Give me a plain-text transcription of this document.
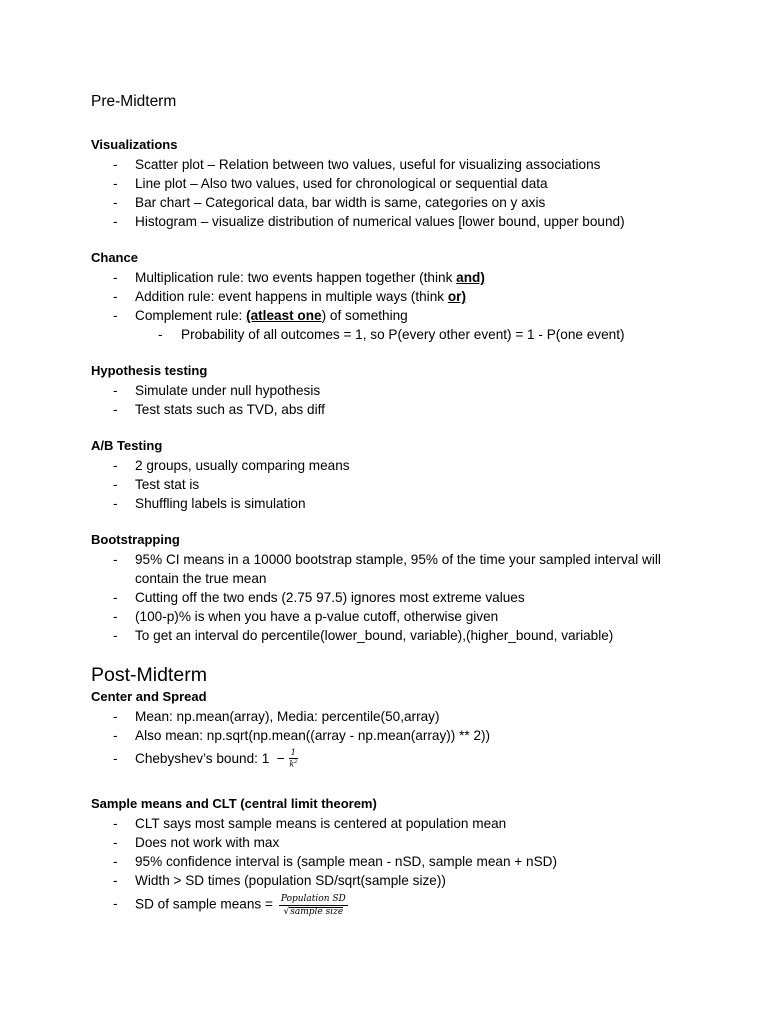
Pre-Midterm
Visualizations
- Scatter plot – Relation between two values, useful for visualizing associations
- Line plot – Also two values, used for chronological or sequential data
- Bar chart – Categorical data, bar width is same, categories on y axis
- Histogram – visualize distribution of numerical values [lower bound, upper bound)
Chance
- Multiplication rule: two events happen together (think and)
- Addition rule: event happens in multiple ways (think or)
- Complement rule: (atleast one) of something
- Probability of all outcomes = 1, so P(every other event) = 1 - P(one event)
Hypothesis testing
- Simulate under null hypothesis
- Test stats such as TVD, abs diff
A/B Testing
- 2 groups, usually comparing means
- Test stat is
- Shuffling labels is simulation
Bootstrapping
- 95% CI means in a 10000 bootstrap stample, 95% of the time your sampled interval will contain the true mean
- Cutting off the two ends (2.75 97.5) ignores most extreme values
- (100-p)% is when you have a p-value cutoff, otherwise given
- To get an interval do percentile(lower_bound, variable),(higher_bound, variable)
Post-Midterm
Center and Spread
- Mean: np.mean(array), Media: percentile(50,array)
- Also mean: np.sqrt(np.mean((array - np.mean(array)) ** 2))
- Chebyshev’s bound: $1 - \frac{1}{k^2}$
Sample means and CLT (central limit theorem)
- CLT says most sample means is centered at population mean
- Does not work with max
- 95% confidence interval is (sample mean - nSD, sample mean + nSD)
- Width > SD times (population SD/sqrt(sample size))
- SD of sample means = $\frac{\text{Population SD}}{\text{√sample size}}$
